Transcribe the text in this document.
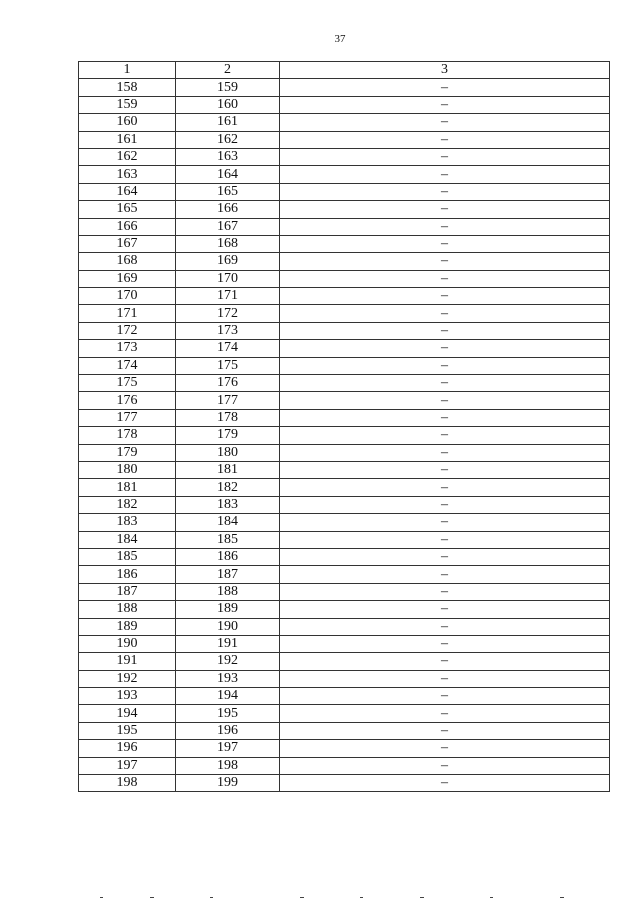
37
1	2	3
158	159	–
159	160	–
160	161	–
161	162	–
162	163	–
163	164	–
164	165	–
165	166	–
166	167	–
167	168	–
168	169	–
169	170	–
170	171	–
171	172	–
172	173	–
173	174	–
174	175	–
175	176	–
176	177	–
177	178	–
178	179	–
179	180	–
180	181	–
181	182	–
182	183	–
183	184	–
184	185	–
185	186	–
186	187	–
187	188	–
188	189	–
189	190	–
190	191	–
191	192	–
192	193	–
193	194	–
194	195	–
195	196	–
196	197	–
197	198	–
198	199	–
